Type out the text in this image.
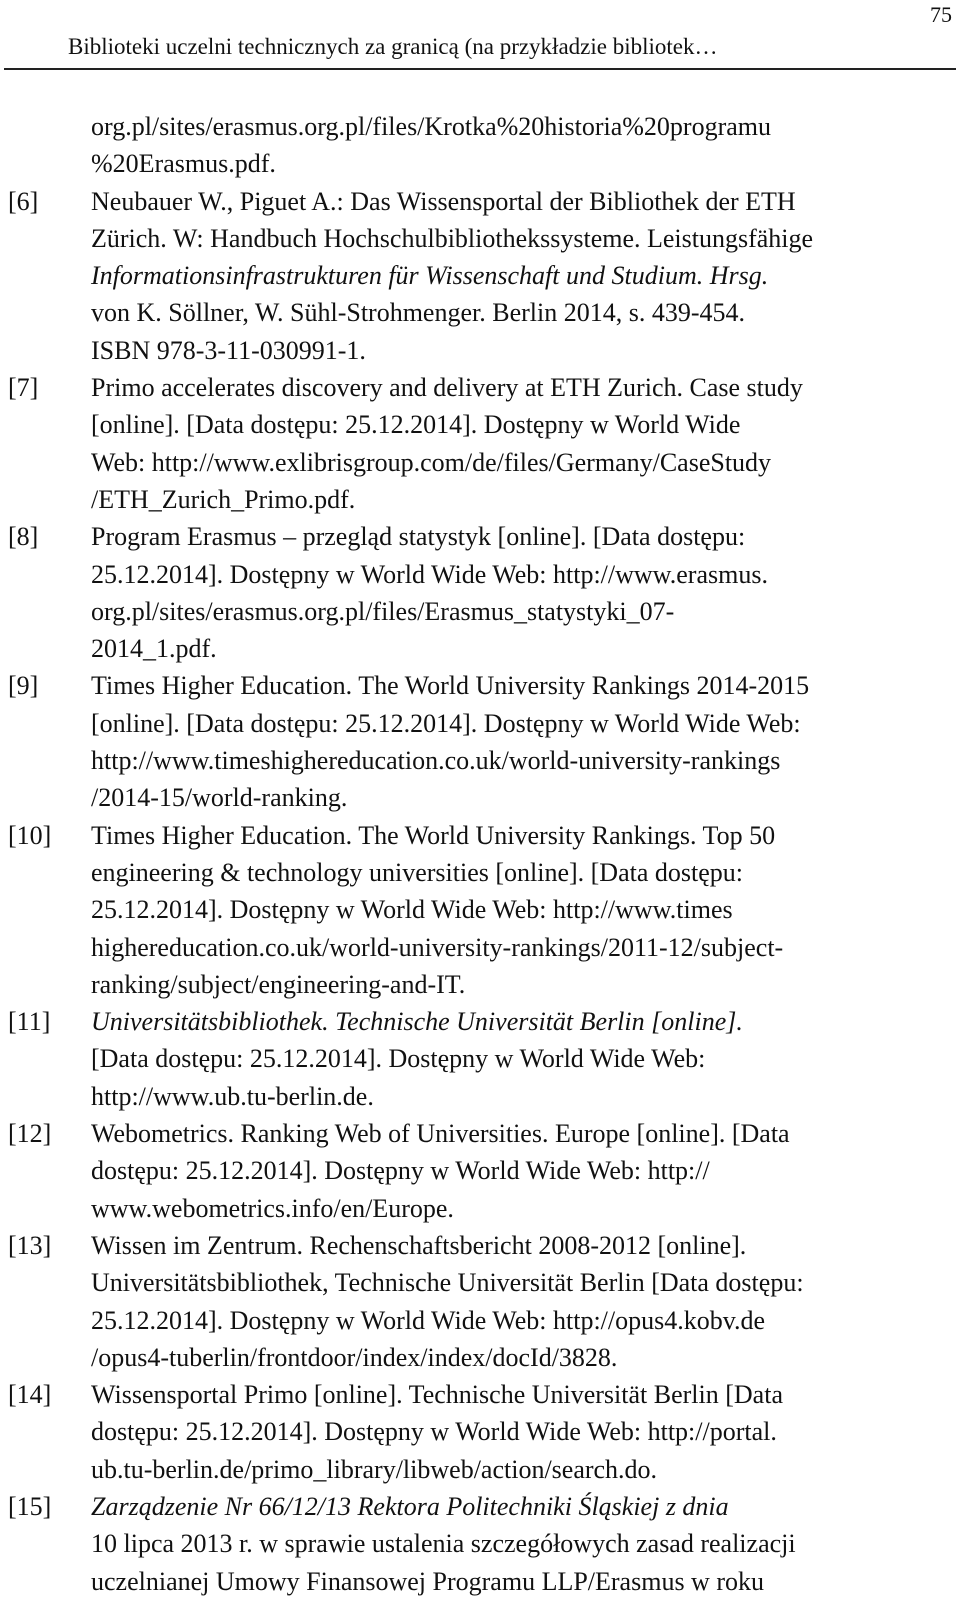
75
Biblioteki uczelni technicznych za granicą (na przykładzie bibliotek…
org.pl/sites/erasmus.org.pl/files/Krotka%20historia%20programu
%20Erasmus.pdf.
[6] Neubauer W., Piguet A.: Das Wissensportal der Bibliothek der ETH
Zürich. W: Handbuch Hochschulbibliothekssysteme. Leistungsfähige
Informationsinfrastrukturen für Wissenschaft und Studium. Hrsg.
von K. Söllner, W. Sühl-Strohmenger. Berlin 2014, s. 439-454.
ISBN 978-3-11-030991-1.
[7] Primo accelerates discovery and delivery at ETH Zurich. Case study
[online]. [Data dostępu: 25.12.2014]. Dostępny w World Wide
Web: http://www.exlibrisgroup.com/de/files/Germany/CaseStudy
/ETH_Zurich_Primo.pdf.
[8] Program Erasmus – przegląd statystyk [online]. [Data dostępu:
25.12.2014]. Dostępny w World Wide Web: http://www.erasmus.
org.pl/sites/erasmus.org.pl/files/Erasmus_statystyki_07-
2014_1.pdf.
[9] Times Higher Education. The World University Rankings 2014-2015
[online]. [Data dostępu: 25.12.2014]. Dostępny w World Wide Web:
http://www.timeshighereducation.co.uk/world-university-rankings
/2014-15/world-ranking.
[10] Times Higher Education. The World University Rankings. Top 50
engineering & technology universities [online]. [Data dostępu:
25.12.2014]. Dostępny w World Wide Web: http://www.times
highereducation.co.uk/world-university-rankings/2011-12/subject-
ranking/subject/engineering-and-IT.
[11] Universitätsbibliothek. Technische Universität Berlin [online].
[Data dostępu: 25.12.2014]. Dostępny w World Wide Web:
http://www.ub.tu-berlin.de.
[12] Webometrics. Ranking Web of Universities. Europe [online]. [Data
dostępu: 25.12.2014]. Dostępny w World Wide Web: http://
www.webometrics.info/en/Europe.
[13] Wissen im Zentrum. Rechenschaftsbericht 2008-2012 [online].
Universitätsbibliothek, Technische Universität Berlin [Data dostępu:
25.12.2014]. Dostępny w World Wide Web: http://opus4.kobv.de
/opus4-tuberlin/frontdoor/index/index/docId/3828.
[14] Wissensportal Primo [online]. Technische Universität Berlin [Data
dostępu: 25.12.2014]. Dostępny w World Wide Web: http://portal.
ub.tu-berlin.de/primo_library/libweb/action/search.do.
[15] Zarządzenie Nr 66/12/13 Rektora Politechniki Śląskiej z dnia
10 lipca 2013 r. w sprawie ustalenia szczegółowych zasad realizacji
uczelnianej Umowy Finansowej Programu LLP/Erasmus w roku
